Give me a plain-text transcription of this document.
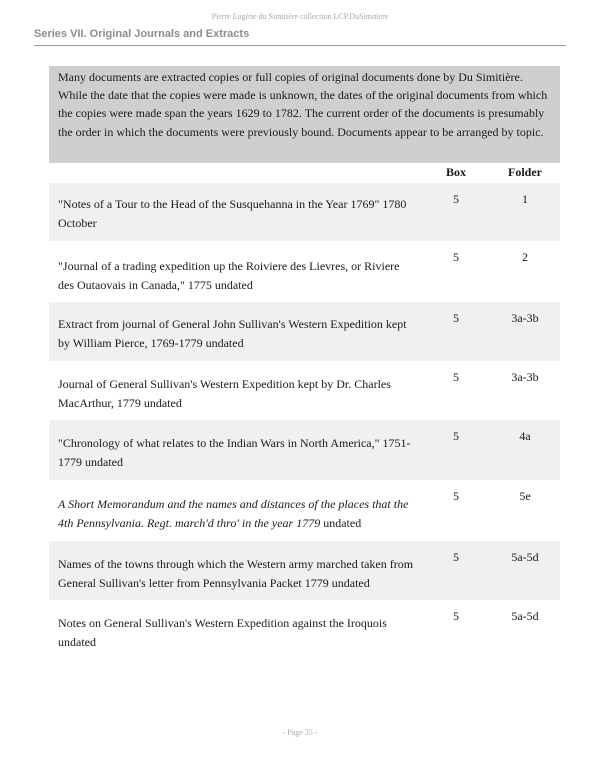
Pierre Eugène du Simitière collection LCP.DuSimitiere
Series VII. Original Journals and Extracts
Many documents are extracted copies or full copies of original documents done by Du Simitière. While the date that the copies were made is unknown, the dates of the original documents from which the copies were made span the years 1629 to 1782. The current order of the documents is presumably the order in which the documents were previously bound. Documents appear to be arranged by topic.
Box	Folder
"Notes of a Tour to the Head of the Susquehanna in the Year 1769" 1780 October
5	1
"Journal of a trading expedition up the Roiviere des Lievres, or Riviere des Outaovais in Canada," 1775 undated
5	2
Extract from journal of General John Sullivan's Western Expedition kept by William Pierce, 1769-1779 undated
5	3a-3b
Journal of General Sullivan's Western Expedition kept by Dr. Charles MacArthur, 1779 undated
5	3a-3b
"Chronology of what relates to the Indian Wars in North America," 1751-1779 undated
5	4a
A Short Memorandum and the names and distances of the places that the 4th Pennsylvania. Regt. march'd thro' in the year 1779 undated
5	5e
Names of the towns through which the Western army marched taken from General Sullivan's letter from Pennsylvania Packet 1779 undated
5	5a-5d
Notes on General Sullivan's Western Expedition against the Iroquois undated
5	5a-5d
- Page 35 -
